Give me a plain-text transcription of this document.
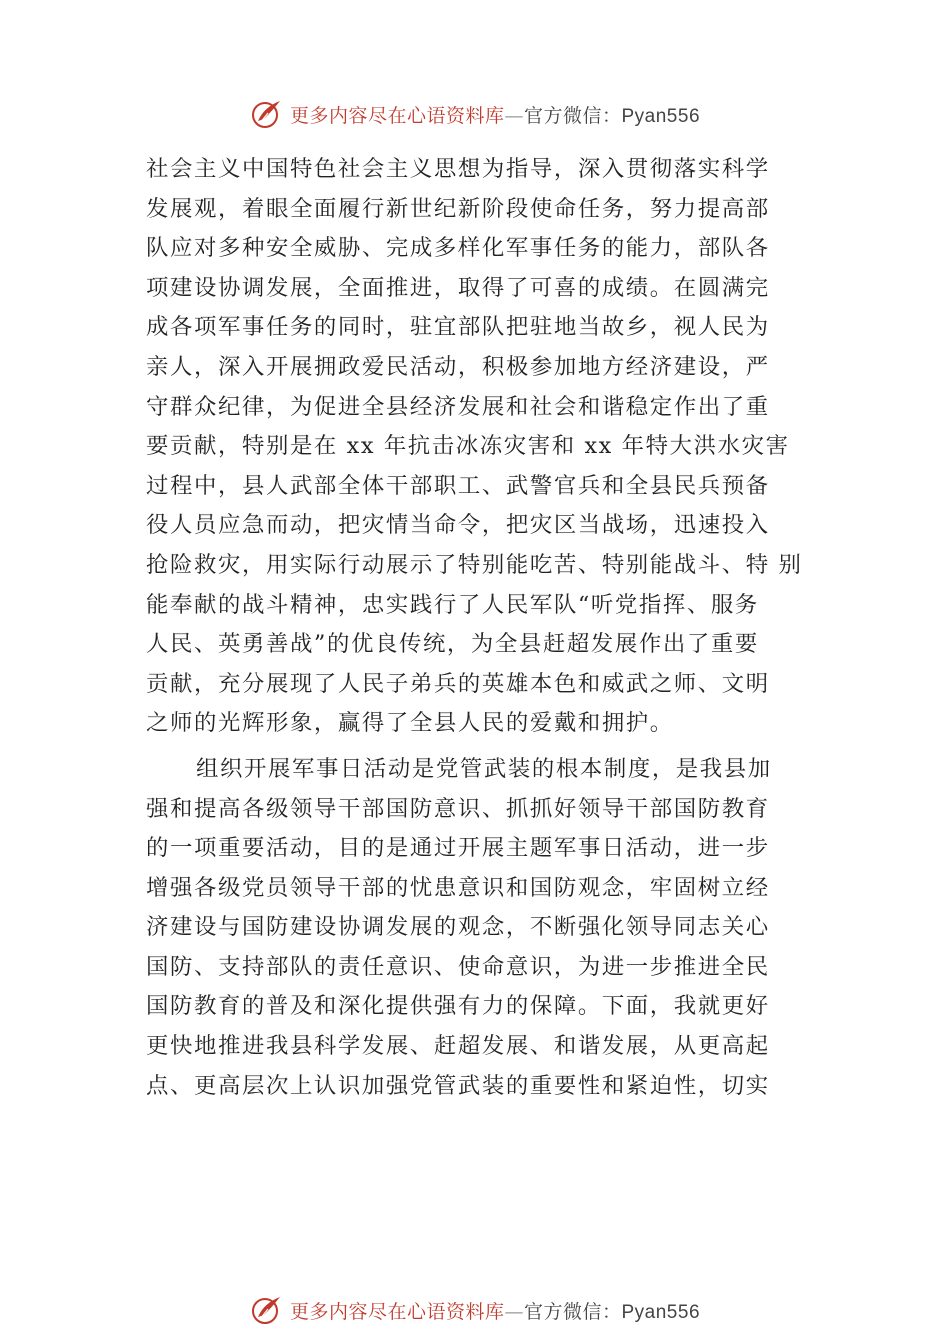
更多内容尽在心语资料库—官方微信：Pyan556
社会主义中国特色社会主义思想为指导，深入贯彻落实科学
发展观，着眼全面履行新世纪新阶段使命任务，努力提高部
队应对多种安全威胁、完成多样化军事任务的能力，部队各
项建设协调发展，全面推进，取得了可喜的成绩。在圆满完
成各项军事任务的同时，驻宜部队把驻地当故乡，视人民为
亲人，深入开展拥政爱民活动，积极参加地方经济建设，严
守群众纪律，为促进全县经济发展和社会和谐稳定作出了重
要贡献，特别是在 xx 年抗击冰冻灾害和 xx 年特大洪水灾害
过程中，县人武部全体干部职工、武警官兵和全县民兵预备
役人员应急而动，把灾情当命令，把灾区当战场，迅速投入
抢险救灾，用实际行动展示了特别能吃苦、特别能战斗、特 别
能奉献的战斗精神，忠实践行了人民军队“听党指挥、服务
人民、英勇善战”的优良传统，为全县赶超发展作出了重要
贡献，充分展现了人民子弟兵的英雄本色和威武之师、文明
之师的光辉形象，赢得了全县人民的爱戴和拥护。
组织开展军事日活动是党管武装的根本制度，是我县加
强和提高各级领导干部国防意识、抓抓好领导干部国防教育
的一项重要活动，目的是通过开展主题军事日活动，进一步
增强各级党员领导干部的忧患意识和国防观念，牢固树立经
济建设与国防建设协调发展的观念，不断强化领导同志关心
国防、支持部队的责任意识、使命意识，为进一步推进全民
国防教育的普及和深化提供强有力的保障。下面，我就更好
更快地推进我县科学发展、赶超发展、和谐发展，从更高起
点、更高层次上认识加强党管武装的重要性和紧迫性，切实
更多内容尽在心语资料库—官方微信：Pyan556
